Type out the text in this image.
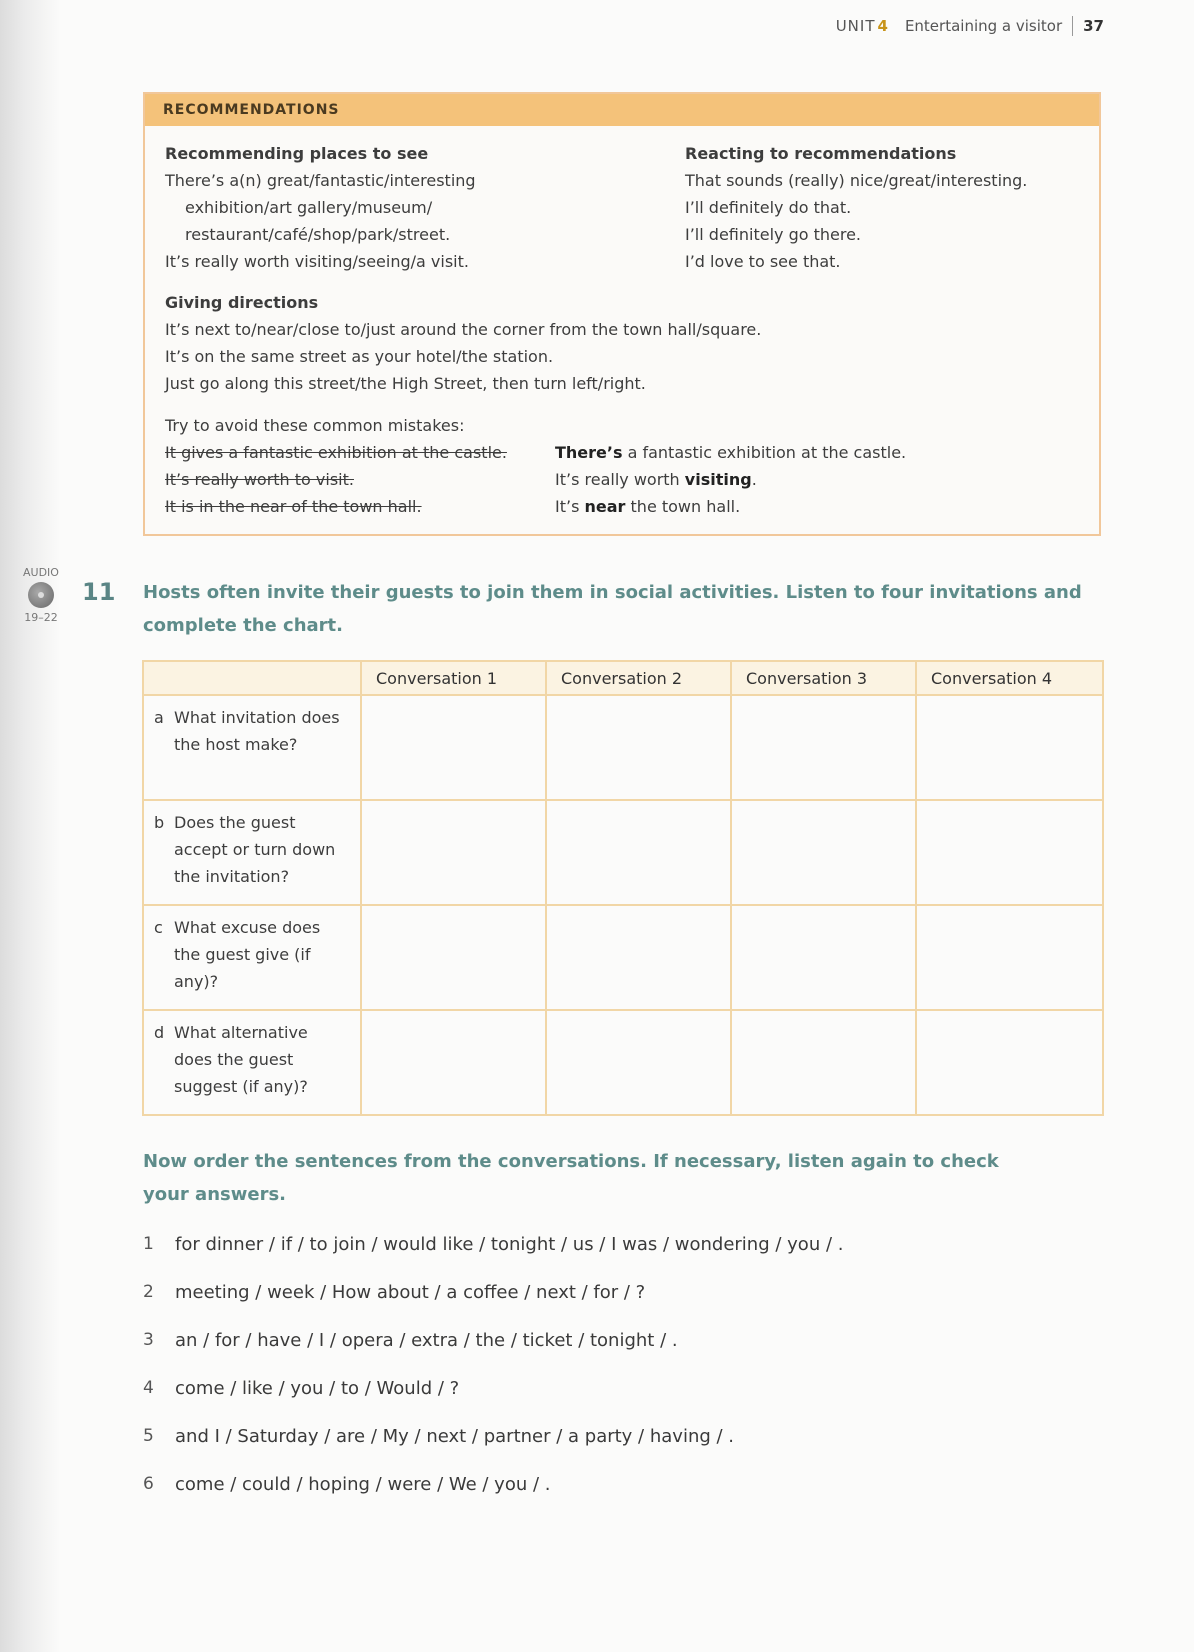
UNIT 4 Entertaining a visitor 37
RECOMMENDATIONS
Recommending places to see
There’s a(n) great/fantastic/interesting
exhibition/art gallery/museum/
restaurant/café/shop/park/street.
It’s really worth visiting/seeing/a visit.
Reacting to recommendations
That sounds (really) nice/great/interesting.
I’ll definitely do that.
I’ll definitely go there.
I’d love to see that.
Giving directions
It’s next to/near/close to/just around the corner from the town hall/square.
It’s on the same street as your hotel/the station.
Just go along this street/the High Street, then turn left/right.
Try to avoid these common mistakes:
It gives a fantastic exhibition at the castle.	There’s a fantastic exhibition at the castle.
It’s really worth to visit.	It’s really worth visiting.
It is in the near of the town hall.	It’s near the town hall.
AUDIO
19–22
11 Hosts often invite their guests to join them in social activities. Listen to four invitations and complete the chart.
	Conversation 1	Conversation 2	Conversation 3	Conversation 4

a What invitation does the host make?				

b Does the guest accept or turn down the invitation?				

c What excuse does the guest give (if any)?				

d What alternative does the guest suggest (if any)?				

Now order the sentences from the conversations. If necessary, listen again to check your answers.
1	for dinner / if / to join / would like / tonight / us / I was / wondering / you / .
2	meeting / week / How about / a coffee / next / for / ?
3	an / for / have / I / opera / extra / the / ticket / tonight / .
4	come / like / you / to / Would / ?
5	and I / Saturday / are / My / next / partner / a party / having / .
6	come / could / hoping / were / We / you / .
